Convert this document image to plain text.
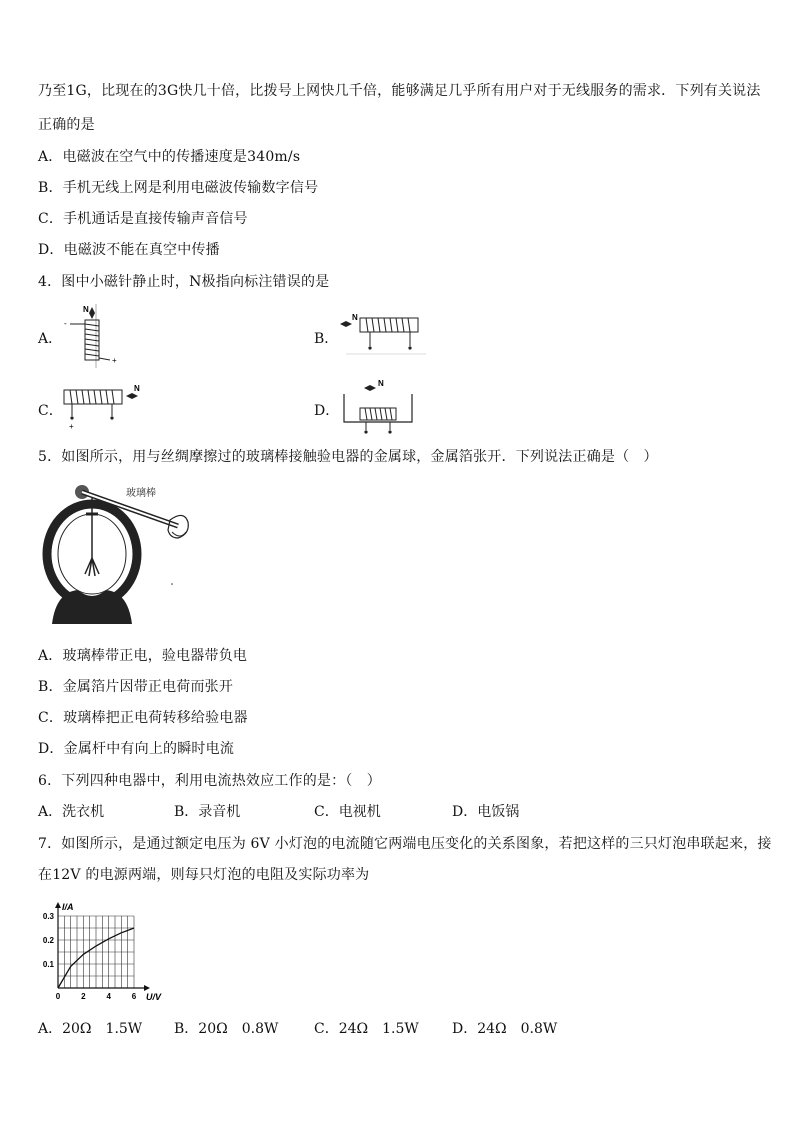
乃至1G，比现在的3G快几十倍，比拨号上网快几千倍，能够满足几乎所有用户对于无线服务的需求．下列有关说法
正确的是
A．电磁波在空气中的传播速度是340m/s
B．手机无线上网是利用电磁波传输数字信号
C．手机通话是直接传输声音信号
D．电磁波不能在真空中传播
4．图中小磁针静止时，N极指向标注错误的是
A．
N
-
+
B．
N
C．
N
+
D．
N
5．如图所示，用与丝绸摩擦过的玻璃棒接触验电器的金属球，金属箔张开．下列说法正确是（　）
玻璃棒
A．玻璃棒带正电，验电器带负电
B．金属箔片因带正电荷而张开
C．玻璃棒把正电荷转移给验电器
D．金属杆中有向上的瞬时电流
6．下列四种电器中，利用电流热效应工作的是：（　）
A．洗衣机	B．录音机	C．电视机	D．电饭锅
7．如图所示，是通过额定电压为 6V 小灯泡的电流随它两端电压变化的关系图象，若把这样的三只灯泡串联起来，接
在12V 的电源两端，则每只灯泡的电阻及实际功率为
0	2	4	6
0.1
0.2
0.3
I/A
U/V
A．20Ω　1.5W B．20Ω　0.8W	C．24Ω　1.5W D．24Ω　0.8W
